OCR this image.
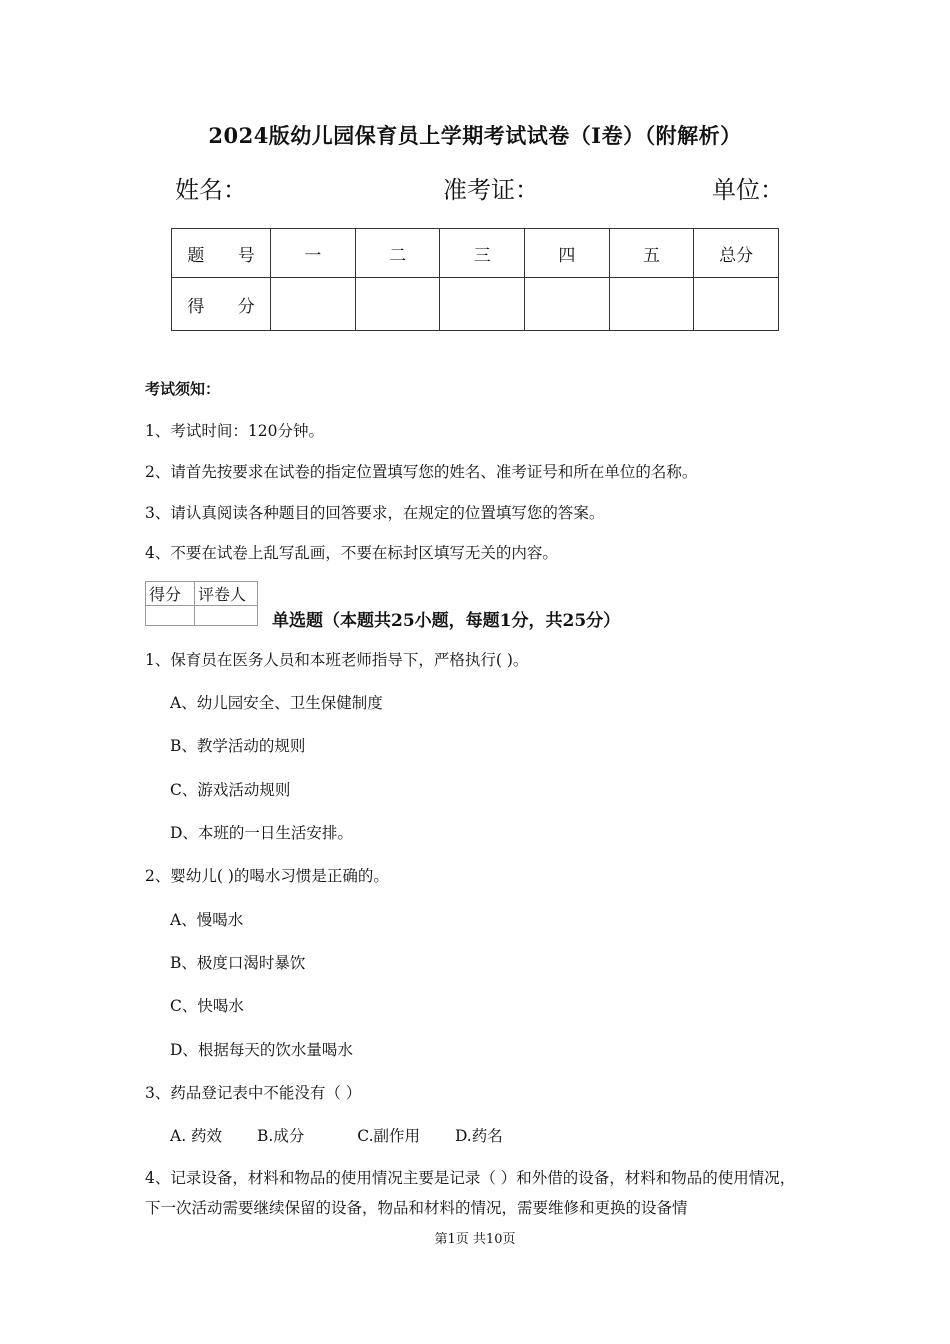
2024版幼儿园保育员上学期考试试卷（I卷）（附解析）
姓名：	准考证：	单位：
题 号	一	二	三	四	五	总分
得 分						
考试须知：
1、考试时间：120分钟。
2、请首先按要求在试卷的指定位置填写您的姓名、准考证号和所在单位的名称。
3、请认真阅读各种题目的回答要求，在规定的位置填写您的答案。
4、不要在试卷上乱写乱画，不要在标封区填写无关的内容。
得分	评卷人

单选题（本题共25小题，每题1分，共25分）
1、保育员在医务人员和本班老师指导下，严格执行( )。
A、幼儿园安全、卫生保健制度
B、教学活动的规则
C、游戏活动规则
D、本班的一日生活安排。
2、婴幼儿( )的喝水习惯是正确的。
A、慢喝水
B、极度口渴时暴饮
C、快喝水
D、根据每天的饮水量喝水
3、药品登记表中不能没有（ ）
A. 药效 B.成分	C.副作用 D.药名
4、记录设备，材料和物品的使用情况主要是记录（ ）和外借的设备，材料和物品的使用情况，下一次活动需要继续保留的设备，物品和材料的情况，需要维修和更换的设备情
第1页 共10页
